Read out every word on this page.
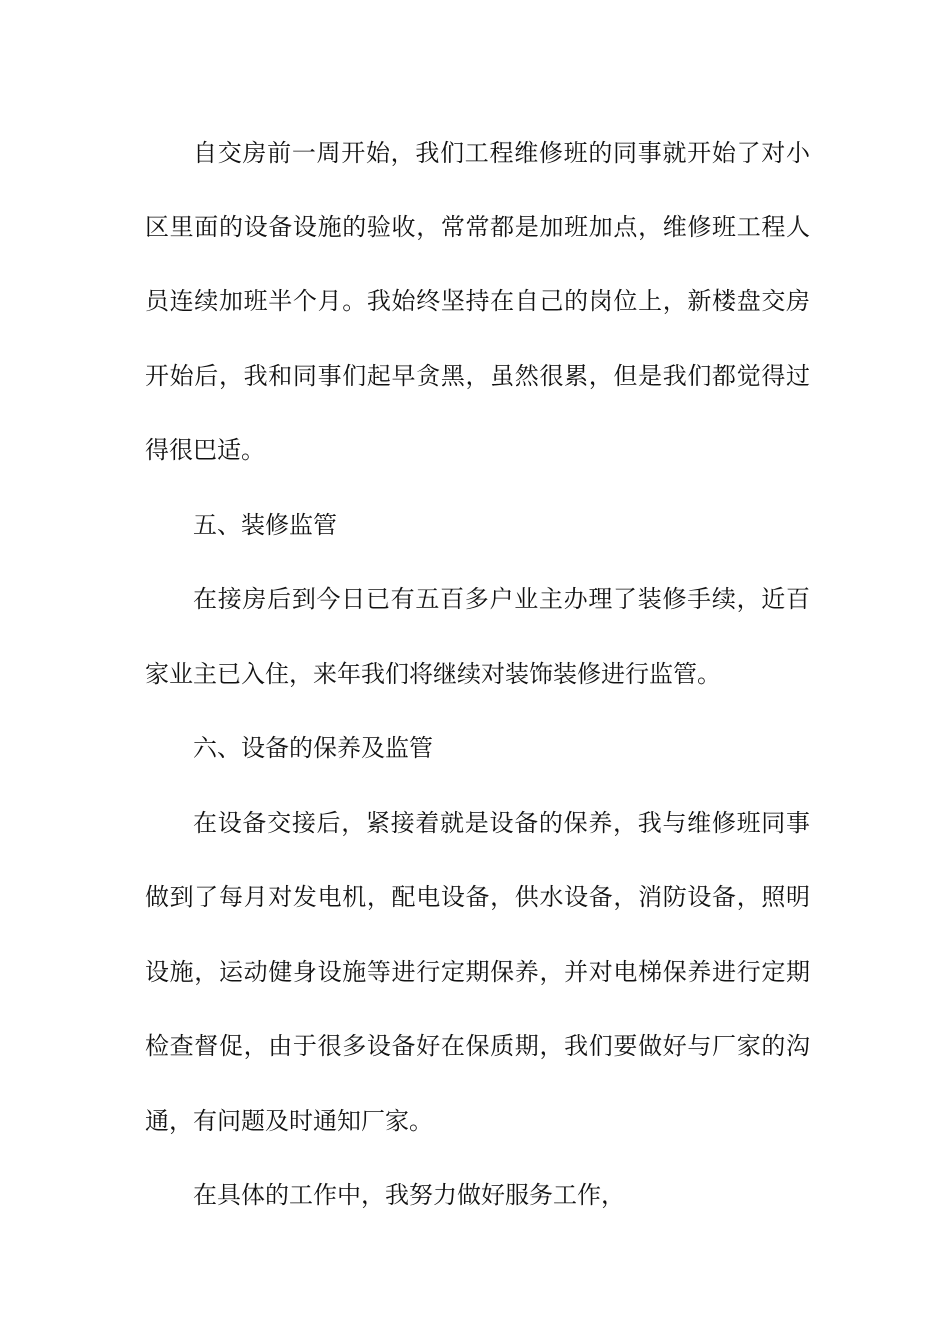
自交房前一周开始，我们工程维修班的同事就开始了对小
区里面的设备设施的验收，常常都是加班加点，维修班工程人
员连续加班半个月。我始终坚持在自己的岗位上，新楼盘交房
开始后，我和同事们起早贪黑，虽然很累，但是我们都觉得过
得很巴适。
五、装修监管
在接房后到今日已有五百多户业主办理了装修手续，近百
家业主已入住，来年我们将继续对装饰装修进行监管。
六、设备的保养及监管
在设备交接后，紧接着就是设备的保养，我与维修班同事
做到了每月对发电机，配电设备，供水设备，消防设备，照明
设施，运动健身设施等进行定期保养，并对电梯保养进行定期
检查督促，由于很多设备好在保质期，我们要做好与厂家的沟
通，有问题及时通知厂家。
在具体的工作中，我努力做好服务工作，
